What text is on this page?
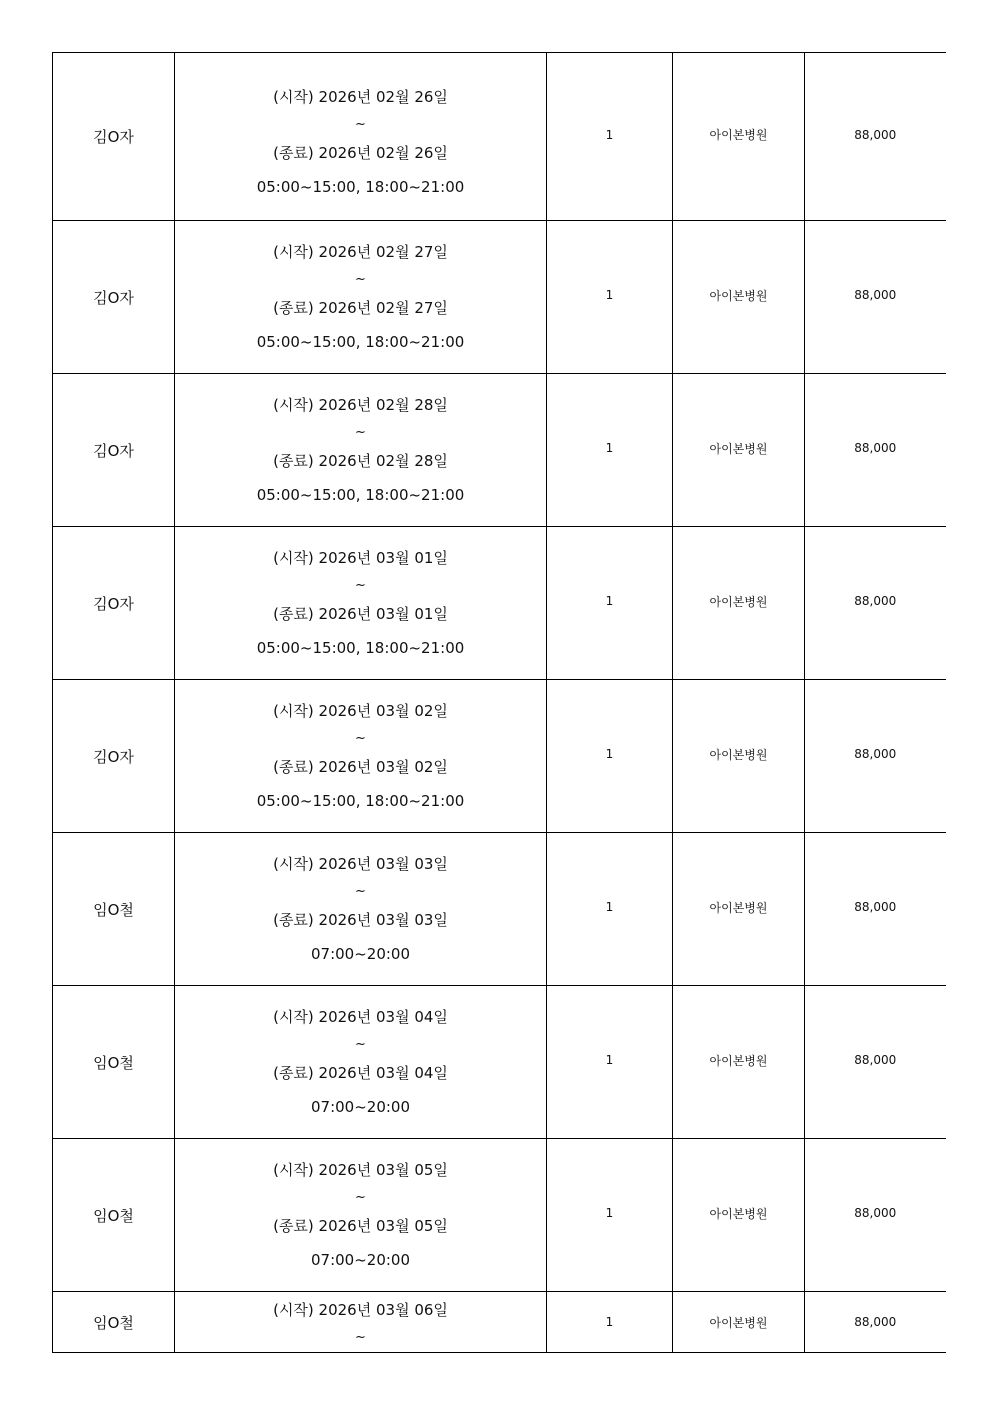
김O자	(시작) 2026년 02월 26일
~
(종료) 2026년 02월 26일
05:00~15:00, 18:00~21:00	1	아이본병원	88,000
김O자	(시작) 2026년 02월 27일
~
(종료) 2026년 02월 27일
05:00~15:00, 18:00~21:00	1	아이본병원	88,000
김O자	(시작) 2026년 02월 28일
~
(종료) 2026년 02월 28일
05:00~15:00, 18:00~21:00	1	아이본병원	88,000
김O자	(시작) 2026년 03월 01일
~
(종료) 2026년 03월 01일
05:00~15:00, 18:00~21:00	1	아이본병원	88,000
김O자	(시작) 2026년 03월 02일
~
(종료) 2026년 03월 02일
05:00~15:00, 18:00~21:00	1	아이본병원	88,000
임O철	(시작) 2026년 03월 03일
~
(종료) 2026년 03월 03일
07:00~20:00	1	아이본병원	88,000
임O철	(시작) 2026년 03월 04일
~
(종료) 2026년 03월 04일
07:00~20:00	1	아이본병원	88,000
임O철	(시작) 2026년 03월 05일
~
(종료) 2026년 03월 05일
07:00~20:00	1	아이본병원	88,000
임O철	(시작) 2026년 03월 06일
~	1	아이본병원	88,000
